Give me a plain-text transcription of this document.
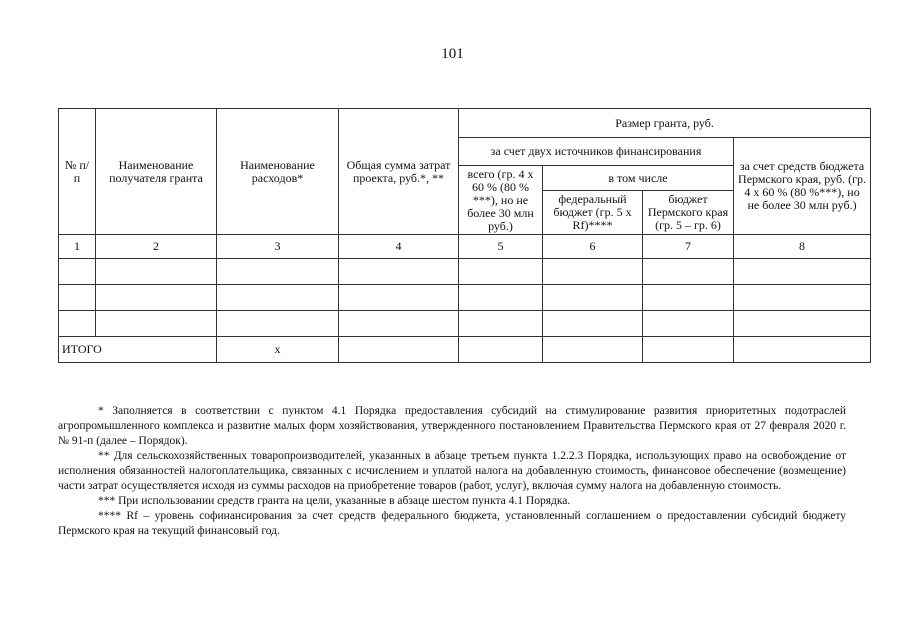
101
№ п/п	Наименование получателя гранта	Наименование расходов*	Общая сумма затрат проекта, руб.*, **	Размер гранта, руб.			
				за счет двух источников финансирования			за счет средств бюджета Пермского края, руб. (гр. 4 х 60 % (80 %***), но не более 30 млн руб.)
				всего (гр. 4 х 60 % (80 % ***), но не более 30 млн руб.)	в том числе		
					федеральный бюджет (гр. 5 х Rf)****	бюджет Пермского края (гр. 5 – гр. 6)	
1	2	3	4	5	6	7	8

ИТОГО		х					

* Заполняется в соответствии с пунктом 4.1 Порядка предоставления субсидий на стимулирование развития приоритетных подотраслей агропромышленного комплекса и развитие малых форм хозяйствования, утвержденного постановлением Правительства Пермского края от 27 февраля 2020 г. № 91-п (далее – Порядок).

** Для сельскохозяйственных товаропроизводителей, указанных в абзаце третьем пункта 1.2.2.3 Порядка, использующих право на освобождение от исполнения обязанностей налогоплательщика, связанных с исчислением и уплатой налога на добавленную стоимость, финансовое обеспечение (возмещение) части затрат осуществляется исходя из суммы расходов на приобретение товаров (работ, услуг), включая сумму налога на добавленную стоимость.

*** При использовании средств гранта на цели, указанные в абзаце шестом пункта 4.1 Порядка.

**** Rf – уровень софинансирования за счет средств федерального бюджета, установленный соглашением о предоставлении субсидий бюджету Пермского края на текущий финансовый год.
